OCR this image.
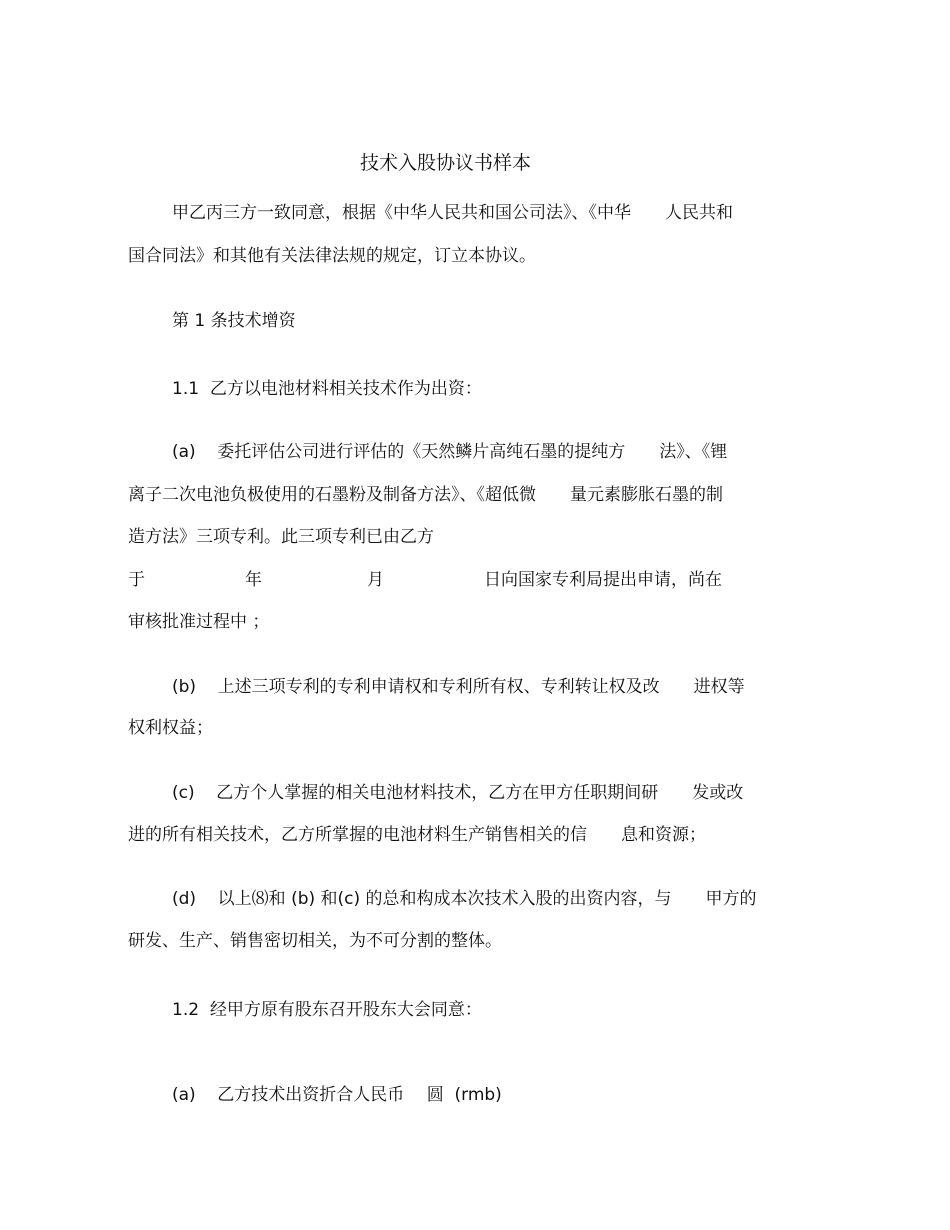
技术入股协议书样本
甲乙丙三方一致同意，根据《中华人民共和国公司法》、《中华　　人民共和
国合同法》和其他有关法律法规的规定，订立本协议。
第 1 条技术增资
1.1  乙方以电池材料相关技术作为出资：
(a)    委托评估公司进行评估的《天然鳞片高纯石墨的提纯方　　法》、《锂
离子二次电池负极使用的石墨粉及制备方法》、《超低微　　量元素膨胀石墨的制
造方法》三项专利。此三项专利已由乙方
于	年	月	日向国家专利局提出申请，尚在
审核批准过程中 ；
(b)    上述三项专利的专利申请权和专利所有权、专利转让权及改　　进权等
权利权益；
(c)    乙方个人掌握的相关电池材料技术，乙方在甲方任职期间研　　发或改
进的所有相关技术，乙方所掌握的电池材料生产销售相关的信　　息和资源；
(d)    以上⑻和 (b) 和(c) 的总和构成本次技术入股的出资内容，与　　甲方的
研发、生产、销售密切相关，为不可分割的整体。
1.2  经甲方原有股东召开股东大会同意：
(a)    乙方技术出资折合人民币　 圆  (rmb)
